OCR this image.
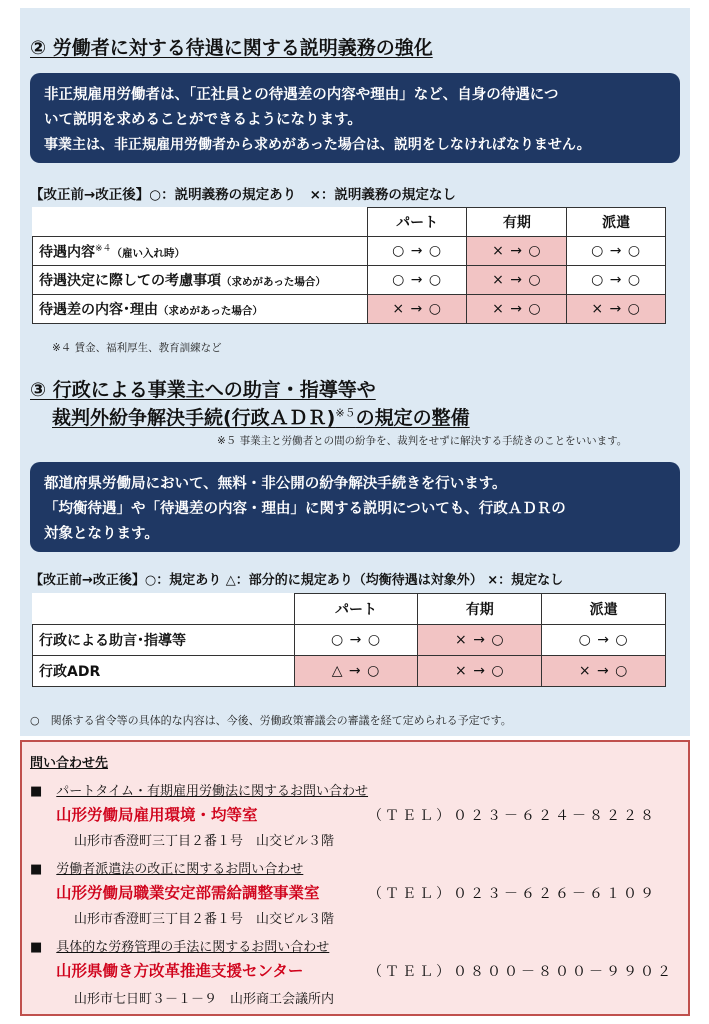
② 労働者に対する待遇に関する説明義務の強化
非正規雇用労働者は、「正社員との待遇差の内容や理由」など、自身の待遇につ
いて説明を求めることができるようになります。
事業主は、非正規雇用労働者から求めがあった場合は、説明をしなければなりません。
【改正前→改正後】○：説明義務の規定あり　×：説明義務の規定なし
	パート	有期	派遣
待遇内容$^{※4}$（雇い入れ時）	○ → ○	× → ○	○ → ○
待遇決定に際しての考慮事項（求めがあった場合）	○ → ○	× → ○	○ → ○
待遇差の内容･理由（求めがあった場合）	× → ○	× → ○	× → ○
※４ 賃金、福利厚生、教育訓練など
③ 行政による事業主への助言・指導等や
裁判外紛争解決手続(行政ＡＤＲ)$^{※5}$の規定の整備
※５ 事業主と労働者との間の紛争を、裁判をせずに解決する手続きのことをいいます。
都道府県労働局において、無料・非公開の紛争解決手続きを行います。
「均衡待遇」や「待遇差の内容・理由」に関する説明についても、行政ＡＤＲの
対象となります。
【改正前→改正後】○：規定あり △：部分的に規定あり（均衡待遇は対象外） ×：規定なし
	パート	有期	派遣
行政による助言･指導等	○ → ○	× → ○	○ → ○
行政ADR	△ → ○	× → ○	× → ○
○　関係する省令等の具体的な内容は、今後、労働政策審議会の審議を経て定められる予定です。
問い合わせ先
■ パートタイム・有期雇用労働法に関するお問い合わせ
山形労働局雇用環境・均等室	（ＴＥＬ）０２３－６２４－８２２８
山形市香澄町三丁目２番１号　山交ビル３階
■ 労働者派遣法の改正に関するお問い合わせ
山形労働局職業安定部需給調整事業室	（ＴＥＬ）０２３－６２６－６１０９
山形市香澄町三丁目２番１号　山交ビル３階
■ 具体的な労務管理の手法に関するお問い合わせ
山形県働き方改革推進支援センター	（ＴＥＬ）０８００－８００－９９０２
山形市七日町３－１－９　山形商工会議所内
